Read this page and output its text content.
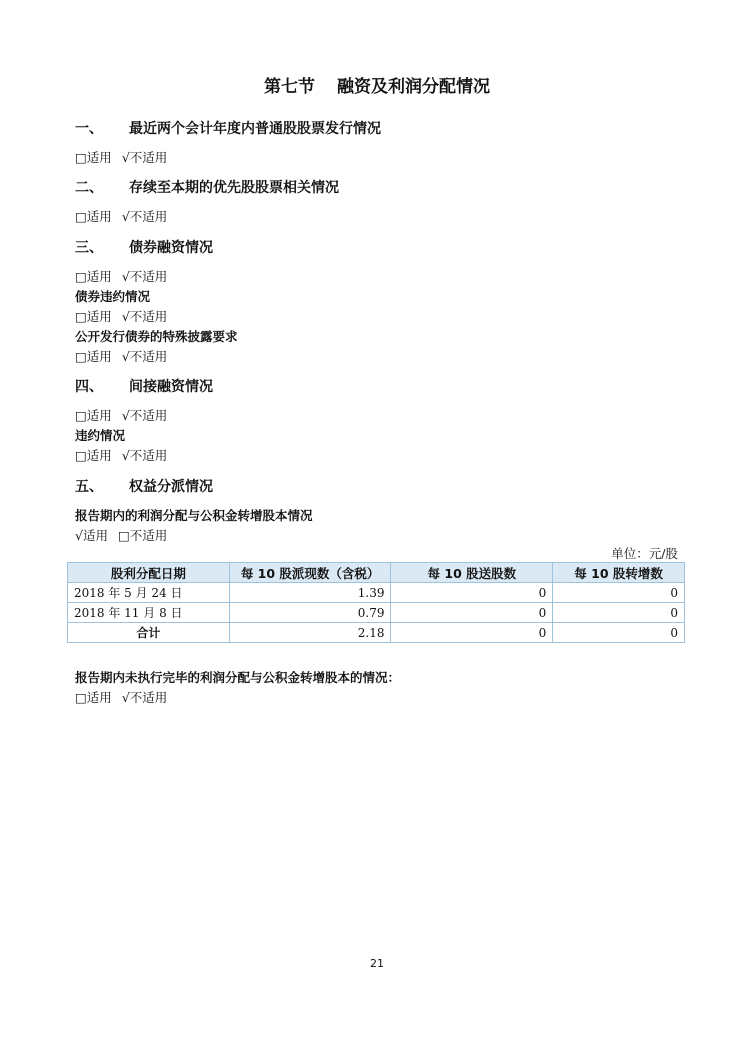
第七节 融资及利润分配情况
一、 最近两个会计年度内普通股股票发行情况
□适用 √不适用
二、 存续至本期的优先股股票相关情况
□适用 √不适用
三、 债券融资情况
□适用 √不适用
债券违约情况
□适用 √不适用
公开发行债券的特殊披露要求
□适用 √不适用
四、 间接融资情况
□适用 √不适用
违约情况
□适用 √不适用
五、 权益分派情况
报告期内的利润分配与公积金转增股本情况
√适用 □不适用
单位：元/股
股利分配日期	每 10 股派现数（含税）	每 10 股送股数	每 10 股转增数
2018 年 5 月 24 日	1.39	0	0
2018 年 11 月 8 日	0.79	0	0
合计	2.18	0	0
报告期内未执行完毕的利润分配与公积金转增股本的情况：
□适用 √不适用
21
